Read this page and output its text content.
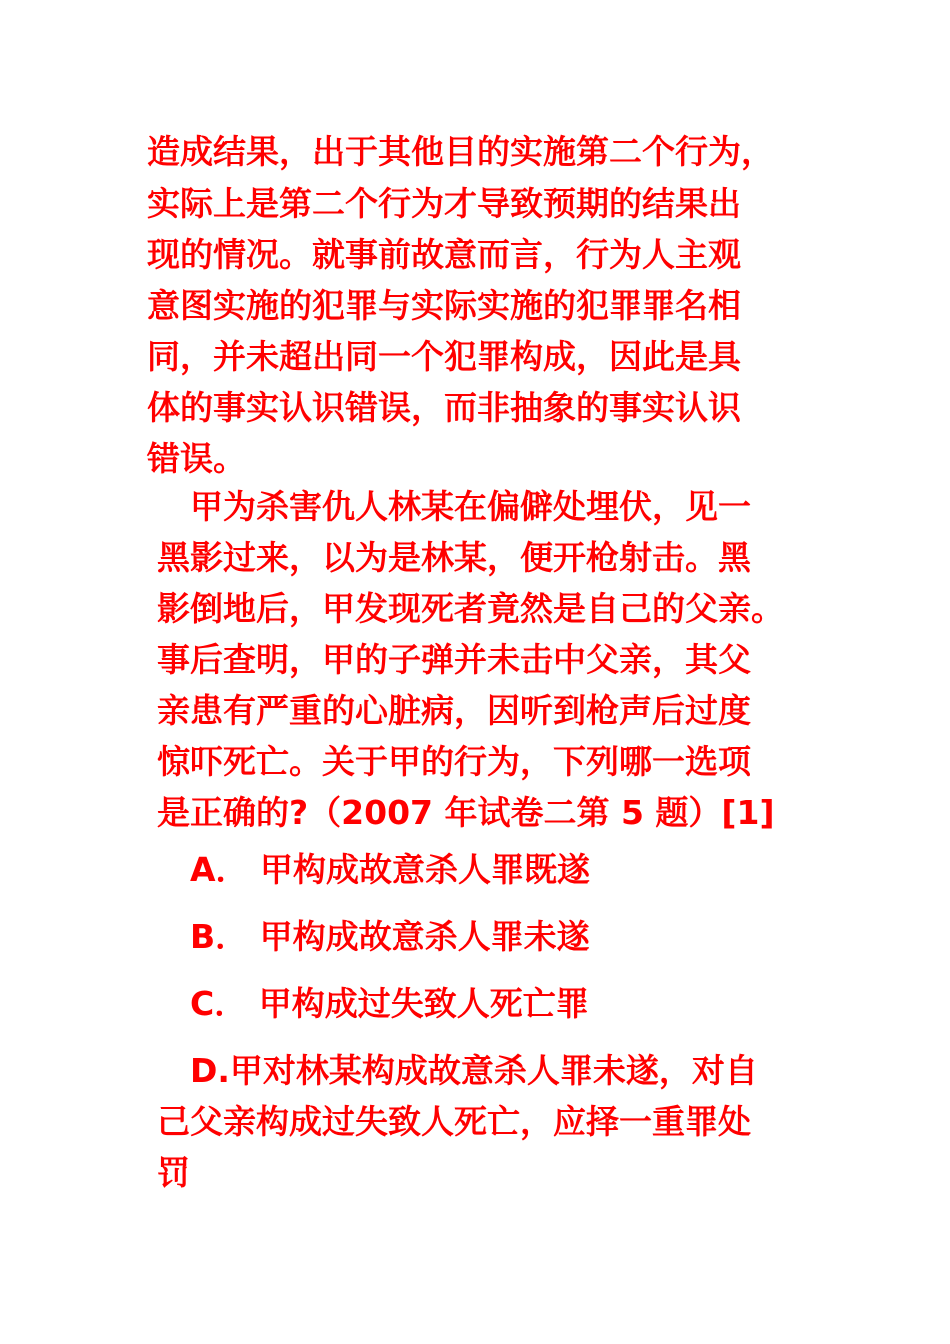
造成结果，出于其他目的实施第二个行为，
实际上是第二个行为才导致预期的结果出
现的情况。就事前故意而言，行为人主观
意图实施的犯罪与实际实施的犯罪罪名相
同，并未超出同一个犯罪构成，因此是具
体的事实认识错误，而非抽象的事实认识
错误。
甲为杀害仇人林某在偏僻处埋伏，见一
黑影过来，以为是林某，便开枪射击。黑
影倒地后，甲发现死者竟然是自己的父亲。
事后查明，甲的子弹并未击中父亲，其父
亲患有严重的心脏病，因听到枪声后过度
惊吓死亡。关于甲的行为，下列哪一选项
是正确的?（2007 年试卷二第 5 题）[1]
A． 甲构成故意杀人罪既遂
B． 甲构成故意杀人罪未遂
C． 甲构成过失致人死亡罪
D.甲对林某构成故意杀人罪未遂，对自
己父亲构成过失致人死亡，应择一重罪处
罚
